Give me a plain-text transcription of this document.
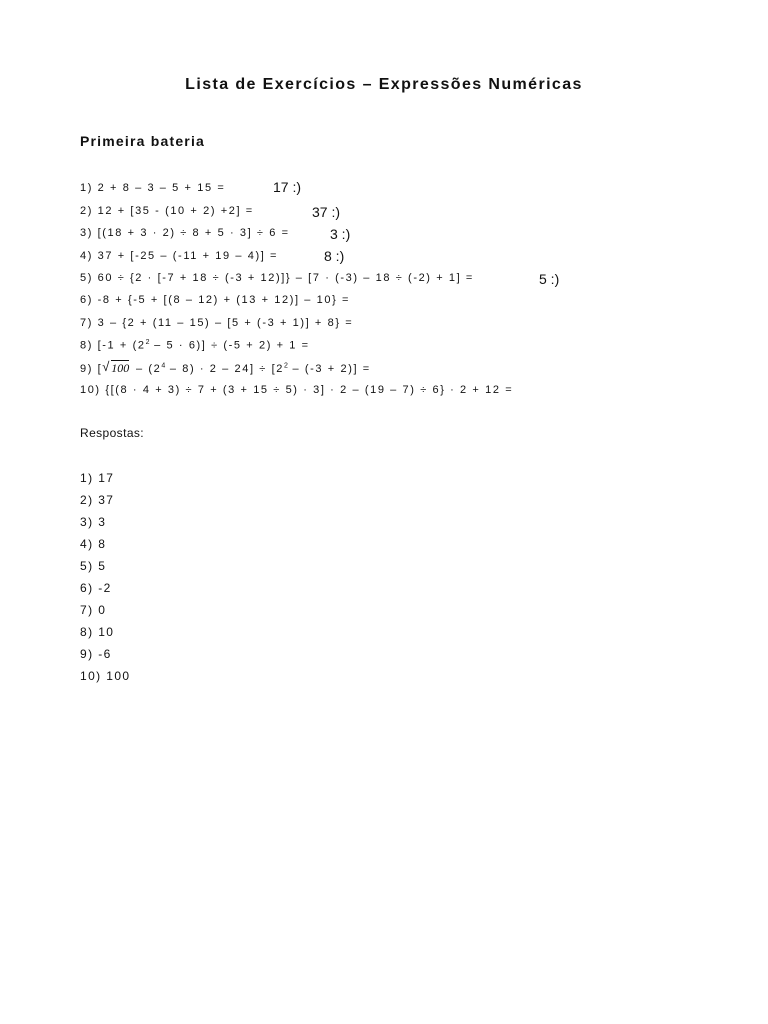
Lista de Exercícios – Expressões Numéricas
Primeira bateria
1) 2 + 8 – 3 – 5 + 15 =
2) 12 + [35 - (10 + 2) +2] =
3) [(18 + 3 · 2) ÷ 8 + 5 · 3] ÷ 6 =
4) 37 + [-25 – (-11 + 19 – 4)] =
5) 60 ÷ {2 · [-7 + 18 ÷ (-3 + 12)]} – [7 · (-3) – 18 ÷ (-2) + 1] =
6) -8 + {-5 + [(8 – 12) + (13 + 12)] – 10} =
7) 3 – {2 + (11 – 15) – [5 + (-3 + 1)] + 8} =
8) $[-1 + (2^2 - 5 \cdot 6)] \div (-5 + 2) + 1$ =
9) [√ $100 - (2^4 - 8) \cdot 2 - 24] \div [2^2 - (-3 + 2)]$ =
10) {[(8 · 4 + 3) ÷ 7 + (3 + 15 ÷ 5) · 3] · 2 – (19 – 7) ÷ 6} · 2 + 12 =
17 :)
37 :)
3 :)
8 :)
5 :)
Respostas:
1) 17
2) 37
3) 3
4) 8
5) 5
6) -2
7) 0
8) 10
9) -6
10) 100
